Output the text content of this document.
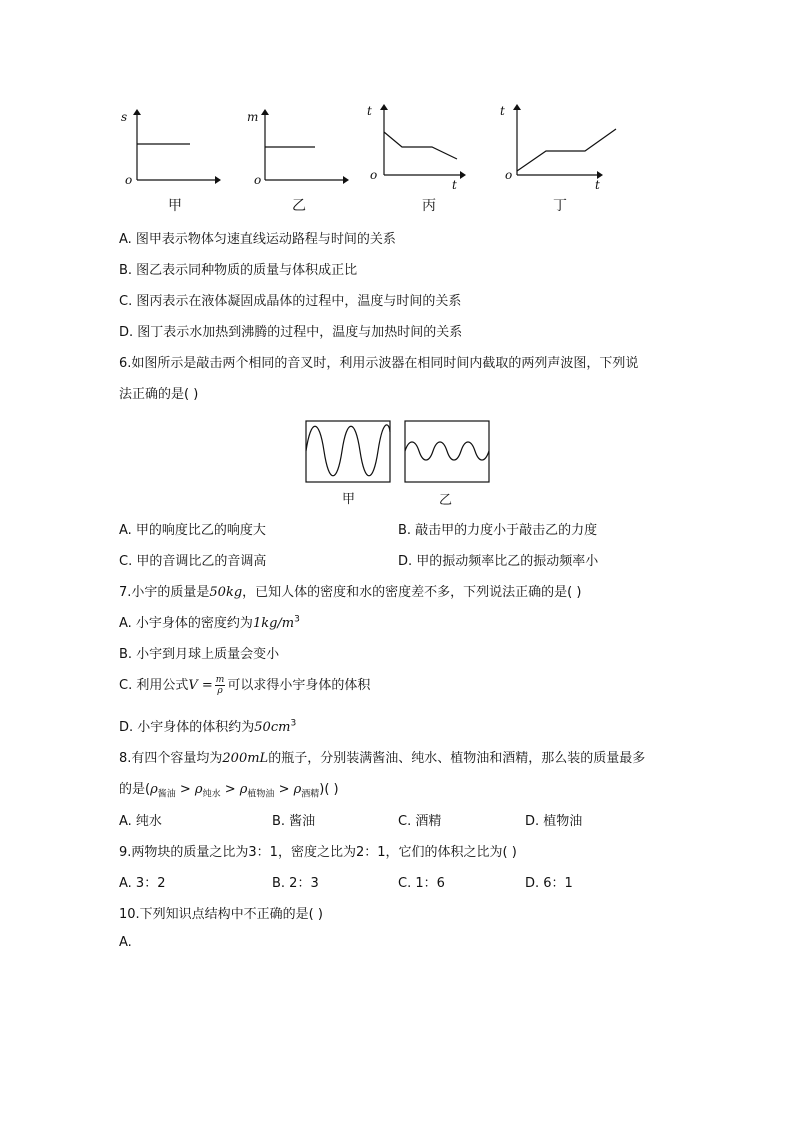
s
o
甲
m
o
乙
t
o
t
丙
t
o
t
丁
A. 图甲表示物体匀速直线运动路程与时间的关系
B. 图乙表示同种物质的质量与体积成正比
C. 图丙表示在液体凝固成晶体的过程中，温度与时间的关系
D. 图丁表示水加热到沸腾的过程中，温度与加热时间的关系
6.如图所示是敲击两个相同的音叉时，利用示波器在相同时间内截取的两列声波图，下列说
法正确的是( )
甲	乙
A. 甲的响度比乙的响度大	B. 敲击甲的力度小于敲击乙的力度
C. 甲的音调比乙的音调高	D. 甲的振动频率比乙的振动频率小
7.小宇的质量是50kg，已知人体的密度和水的密度差不多，下列说法正确的是( )
A. 小宇身体的密度约为$1kg/m^3$
B. 小宇到月球上质量会变小
C. 利用公式$V = \frac{m}{\rho}$ 可以求得小宇身体的体积
D. 小宇身体的体积约为$50cm^3$
8.有四个容量均为200mL的瓶子，分别装满酱油、纯水、植物油和酒精，那么装的质量最多
的是$(\rho_{酱油} > \rho_{纯水} > \rho_{植物油} > \rho_{酒精})$( )
A. 纯水	B. 酱油	C. 酒精	D. 植物油
9.两物块的质量之比为3：1，密度之比为2：1，它们的体积之比为( )
A. 3：2	B. 2：3	C. 1：6	D. 6：1
10.下列知识点结构中不正确的是( )
A.
